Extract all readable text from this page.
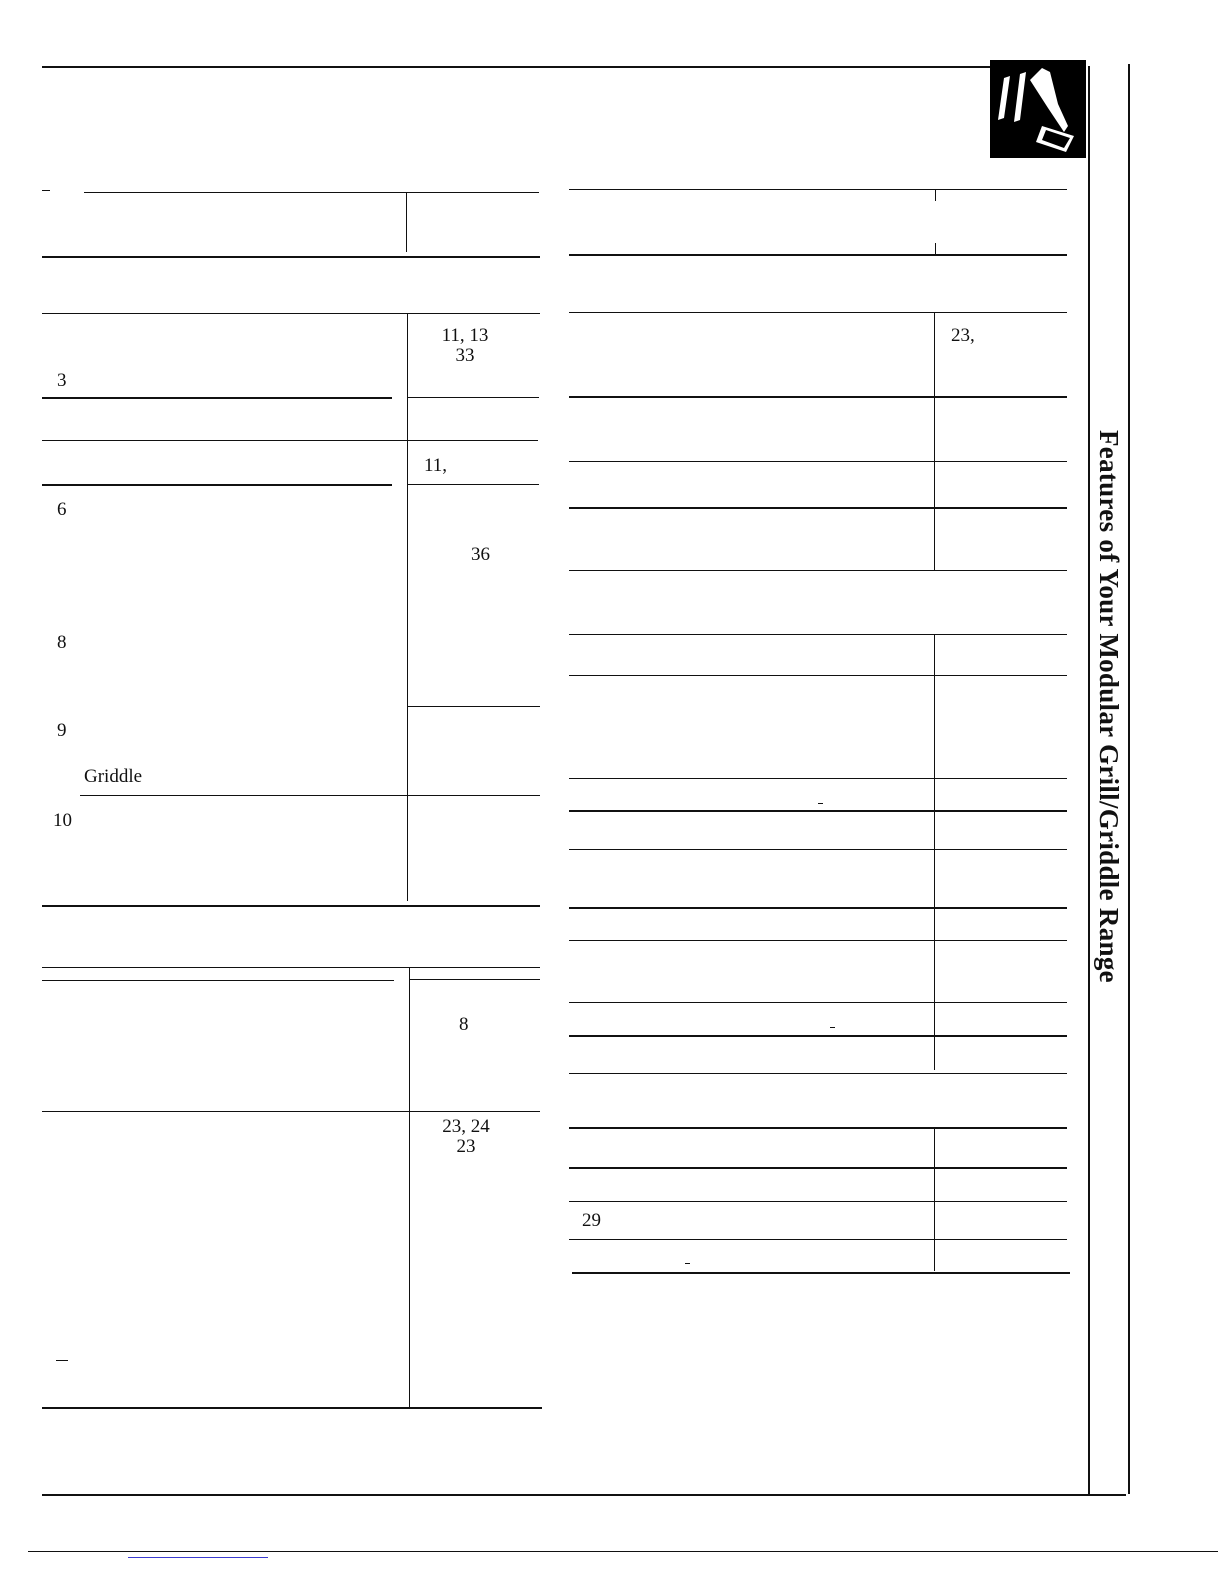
Features of Your Modular Grill/Griddle Range
3
11, 13
33
11,
6
36
8
9
Griddle
10
8
23, 24
23
23,
29
